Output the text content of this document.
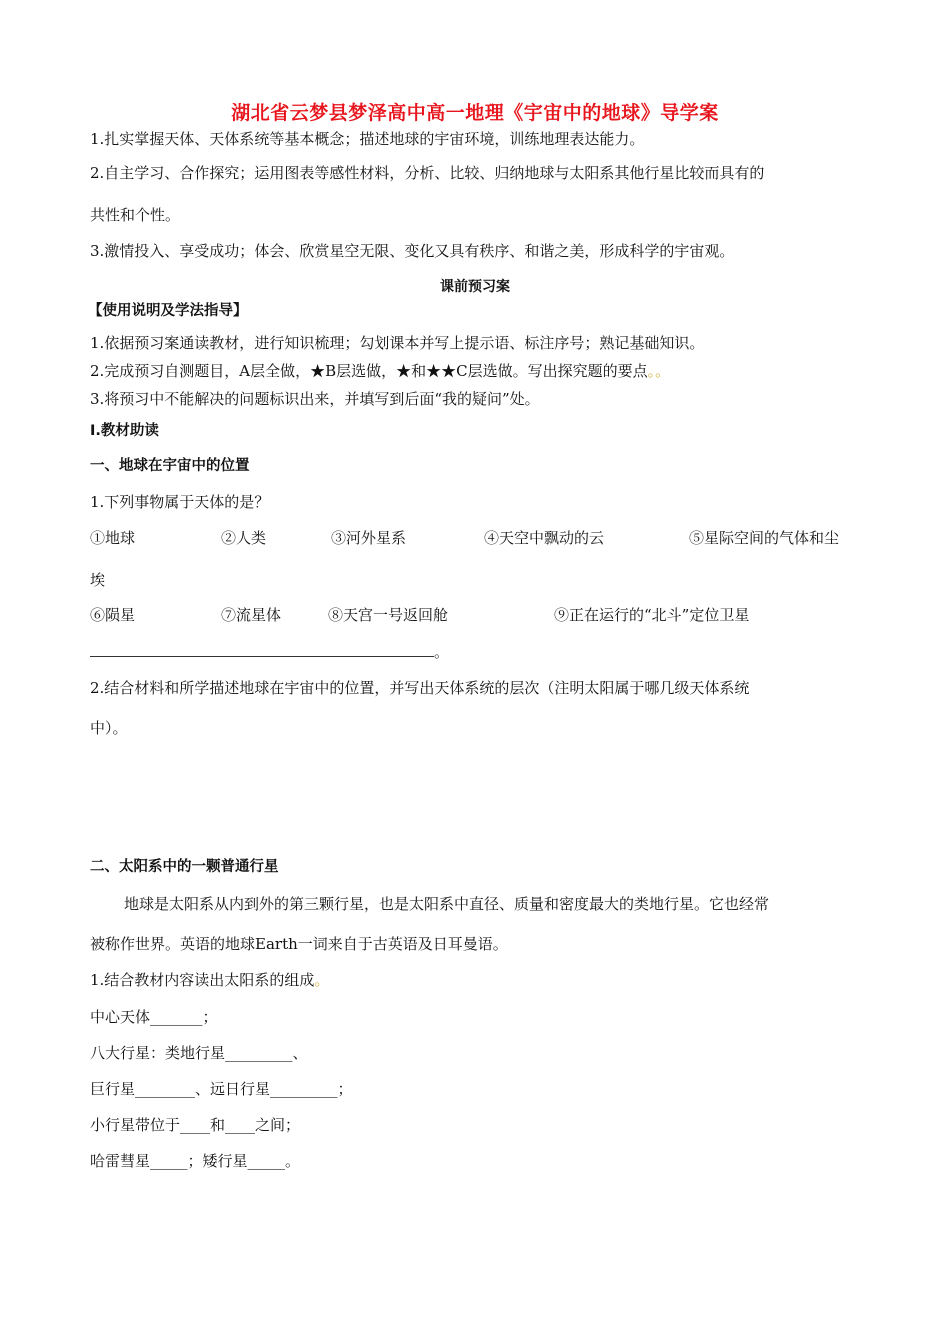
湖北省云梦县梦泽高中高一地理《宇宙中的地球》导学案
1.扎实掌握天体、天体系统等基本概念；描述地球的宇宙环境，训练地理表达能力。
2.自主学习、合作探究；运用图表等感性材料，分析、比较、归纳地球与太阳系其他行星比较而具有的
共性和个性。
3.激情投入、享受成功；体会、欣赏星空无限、变化又具有秩序、和谐之美，形成科学的宇宙观。
课前预习案
【使用说明及学法指导】
1.依据预习案通读教材，进行知识梳理；勾划课本并写上提示语、标注序号；熟记基础知识。
2.完成预习自测题目，A层全做，★B层选做，★和★★C层选做。写出探究题的要点。。
3.将预习中不能解决的问题标识出来，并填写到后面“我的疑问”处。
Ⅰ.教材助读
一、地球在宇宙中的位置
1.下列事物属于天体的是？
①地球	②人类	③河外星系	④天空中飘动的云	⑤星际空间的气体和尘
埃
⑥陨星	⑦流星体	⑧天宫一号返回舱	⑨正在运行的“北斗”定位卫星
。
2.结合材料和所学描述地球在宇宙中的位置，并写出天体系统的层次（注明太阳属于哪几级天体系统
中）。
二、太阳系中的一颗普通行星
地球是太阳系从内到外的第三颗行星，也是太阳系中直径、质量和密度最大的类地行星。它也经常
被称作世界。英语的地球Earth一词来自于古英语及日耳曼语。
1.结合教材内容读出太阳系的组成。
中心天体_______；
八大行星：类地行星_________、
巨行星________、远日行星_________；
小行星带位于____和____之间；
哈雷彗星_____；矮行星_____。
